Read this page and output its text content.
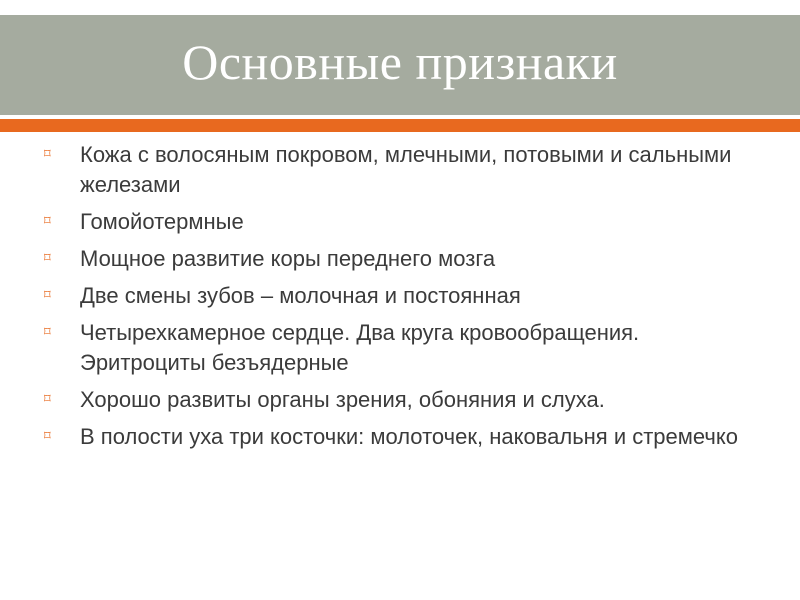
Основные признаки
⌑	Кожа с волосяным покровом, млечными, потовыми и сальными железами
⌑	Гомойотермные
⌑	Мощное развитие коры переднего мозга
⌑	Две смены зубов – молочная и постоянная
⌑	Четырехкамерное сердце. Два круга кровообращения. Эритроциты безъядерные
⌑	Хорошо развиты органы зрения, обоняния и слуха.
⌑	В полости уха три косточки: молоточек, наковальня и стремечко
